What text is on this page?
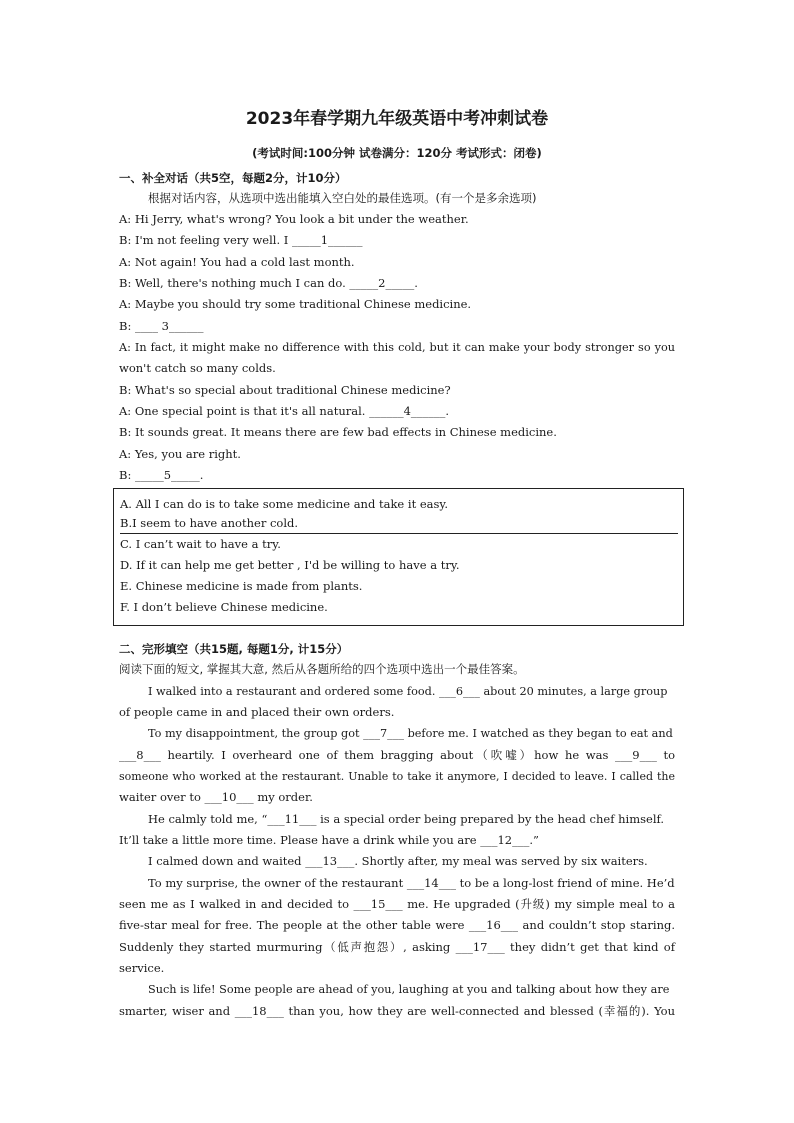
2023年春学期九年级英语中考冲刺试卷
(考试时间:100分钟 试卷满分：120分 考试形式：闭卷)
一、补全对话（共5空，每题2分，计10分）
根据对话内容，从选项中选出能填入空白处的最佳选项。(有一个是多余选项)
A: Hi Jerry, what's wrong? You look a bit under the weather.
B: I'm not feeling very well. I _____1______
A: Not again! You had a cold last month.
B: Well, there's nothing much I can do. _____2_____.
A: Maybe you should try some traditional Chinese medicine.
B: ____ 3______
A: In fact, it might make no difference with this cold, but it can make your body stronger so you
won't catch so many colds.
B: What's so special about traditional Chinese medicine?
A: One special point is that it's all natural. ______4______.
B: It sounds great. It means there are few bad effects in Chinese medicine.
A: Yes, you are right.
B: _____5_____.
A. All I can do is to take some medicine and take it easy.
B.I seem to have another cold.
C. I can’t wait to have a try.
D. If it can help me get better , I'd be willing to have a try.
E. Chinese medicine is made from plants.
F. I don’t believe Chinese medicine.
二、完形填空（共15题, 每题1分, 计15分）
阅读下面的短文, 掌握其大意, 然后从各题所给的四个选项中选出一个最佳答案。
I walked into a restaurant and ordered some food. ___6___ about 20 minutes, a large group
of people came in and placed their own orders.
To my disappointment, the group got ___7___ before me. I watched as they began to eat and
___8___ heartily. I overheard one of them bragging about（吹嘘）how he was ___9___ to
someone who worked at the restaurant. Unable to take it anymore, I decided to leave. I called the
waiter over to ___10___ my order.
He calmly told me, “___11___ is a special order being prepared by the head chef himself.
It’ll take a little more time. Please have a drink while you are ___12___.”
I calmed down and waited ___13___. Shortly after, my meal was served by six waiters.
To my surprise, the owner of the restaurant ___14___ to be a long-lost friend of mine. He’d
seen me as I walked in and decided to ___15___ me. He upgraded (升级) my simple meal to a
five-star meal for free. The people at the other table were ___16___ and couldn’t stop staring.
Suddenly they started murmuring（低声抱怨）, asking ___17___ they didn’t get that kind of
service.
Such is life! Some people are ahead of you, laughing at you and talking about how they are
smarter, wiser and ___18___ than you, how they are well-connected and blessed (幸福的). You
